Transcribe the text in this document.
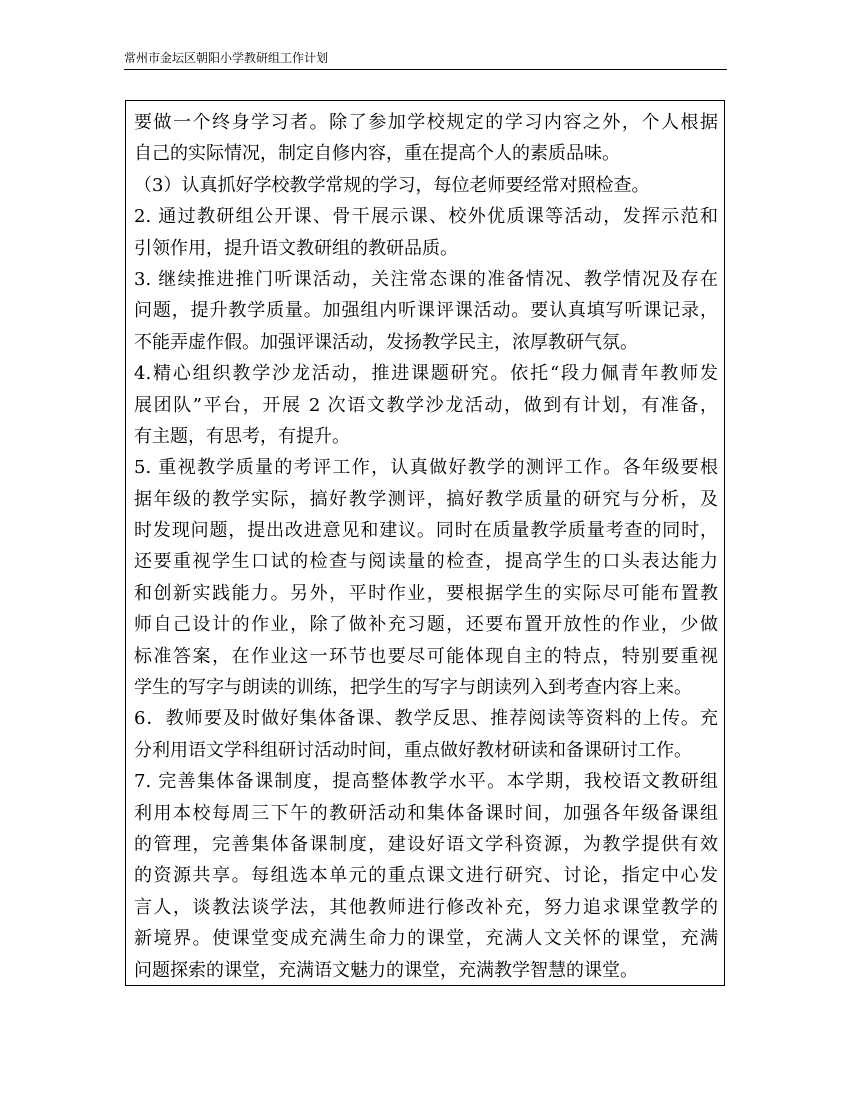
常州市金坛区朝阳小学教研组工作计划
要做一个终身学习者。除了参加学校规定的学习内容之外，个人根据
自己的实际情况，制定自修内容，重在提高个人的素质品味。
（3）认真抓好学校教学常规的学习，每位老师要经常对照检查。
2. 通过教研组公开课、骨干展示课、校外优质课等活动，发挥示范和
引领作用，提升语文教研组的教研品质。
3. 继续推进推门听课活动，关注常态课的准备情况、教学情况及存在
问题，提升教学质量。加强组内听课评课活动。要认真填写听课记录，
不能弄虚作假。加强评课活动，发扬教学民主，浓厚教研气氛。
4.精心组织教学沙龙活动，推进课题研究。依托“段力佩青年教师发
展团队”平台，开展 2 次语文教学沙龙活动，做到有计划，有准备，
有主题，有思考，有提升。
5. 重视教学质量的考评工作，认真做好教学的测评工作。各年级要根
据年级的教学实际，搞好教学测评，搞好教学质量的研究与分析，及
时发现问题，提出改进意见和建议。同时在质量教学质量考查的同时，
还要重视学生口试的检查与阅读量的检查，提高学生的口头表达能力
和创新实践能力。另外，平时作业，要根据学生的实际尽可能布置教
师自己设计的作业，除了做补充习题，还要布置开放性的作业，少做
标准答案，在作业这一环节也要尽可能体现自主的特点，特别要重视
学生的写字与朗读的训练，把学生的写字与朗读列入到考查内容上来。
6．教师要及时做好集体备课、教学反思、推荐阅读等资料的上传。充
分利用语文学科组研讨活动时间，重点做好教材研读和备课研讨工作。
7. 完善集体备课制度，提高整体教学水平。本学期，我校语文教研组
利用本校每周三下午的教研活动和集体备课时间，加强各年级备课组
的管理，完善集体备课制度，建设好语文学科资源，为教学提供有效
的资源共享。每组选本单元的重点课文进行研究、讨论，指定中心发
言人，谈教法谈学法，其他教师进行修改补充，努力追求课堂教学的
新境界。使课堂变成充满生命力的课堂，充满人文关怀的课堂，充满
问题探索的课堂，充满语文魅力的课堂，充满教学智慧的课堂。
